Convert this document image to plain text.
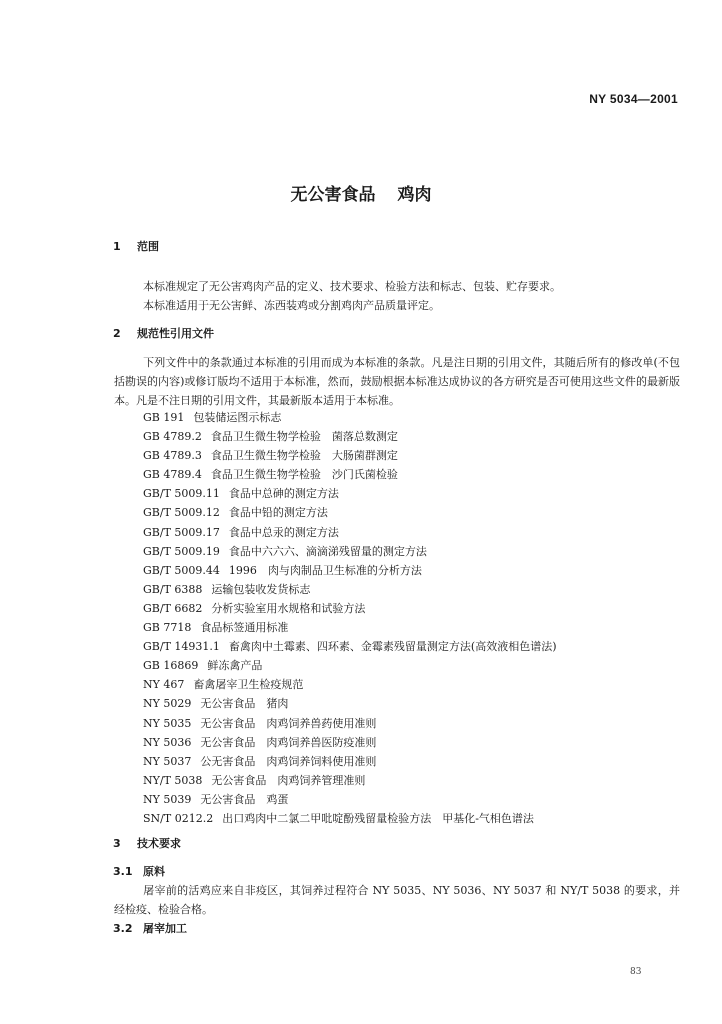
NY 5034—2001
无公害食品 鸡肉
1 范围
本标准规定了无公害鸡肉产品的定义、技术要求、检验方法和标志、包装、贮存要求。
本标准适用于无公害鲜、冻西装鸡或分割鸡肉产品质量评定。
2 规范性引用文件
下列文件中的条款通过本标准的引用而成为本标准的条款。凡是注日期的引用文件，其随后所有的修改单(不包括勘误的内容)或修订版均不适用于本标准，然而，鼓励根据本标准达成协议的各方研究是否可使用这些文件的最新版本。凡是不注日期的引用文件，其最新版本适用于本标准。
GB 191 包装储运图示标志
GB 4789.2 食品卫生微生物学检验　菌落总数测定
GB 4789.3 食品卫生微生物学检验　大肠菌群测定
GB 4789.4 食品卫生微生物学检验　沙门氏菌检验
GB/T 5009.11 食品中总砷的测定方法
GB/T 5009.12 食品中铅的测定方法
GB/T 5009.17 食品中总汞的测定方法
GB/T 5009.19 食品中六六六、滴滴涕残留量的测定方法
GB/T 5009.44 1996　肉与肉制品卫生标准的分析方法
GB/T 6388 运输包装收发货标志
GB/T 6682 分析实验室用水规格和试验方法
GB 7718 食品标签通用标准
GB/T 14931.1 畜禽肉中土霉素、四环素、金霉素残留量测定方法(高效液相色谱法)
GB 16869 鲜冻禽产品
NY 467 畜禽屠宰卫生检疫规范
NY 5029 无公害食品　猪肉
NY 5035 无公害食品　肉鸡饲养兽药使用准则
NY 5036 无公害食品　肉鸡饲养兽医防疫准则
NY 5037 公无害食品　肉鸡饲养饲料使用准则
NY/T 5038 无公害食品　肉鸡饲养管理准则
NY 5039 无公害食品　鸡蛋
SN/T 0212.2 出口鸡肉中二氯二甲吡啶酚残留量检验方法　甲基化-气相色谱法
3 技术要求
3.1 原料
屠宰前的活鸡应来自非疫区，其饲养过程符合 NY 5035、NY 5036、NY 5037 和 NY/T 5038 的要求，并经检疫、检验合格。
3.2 屠宰加工
83
